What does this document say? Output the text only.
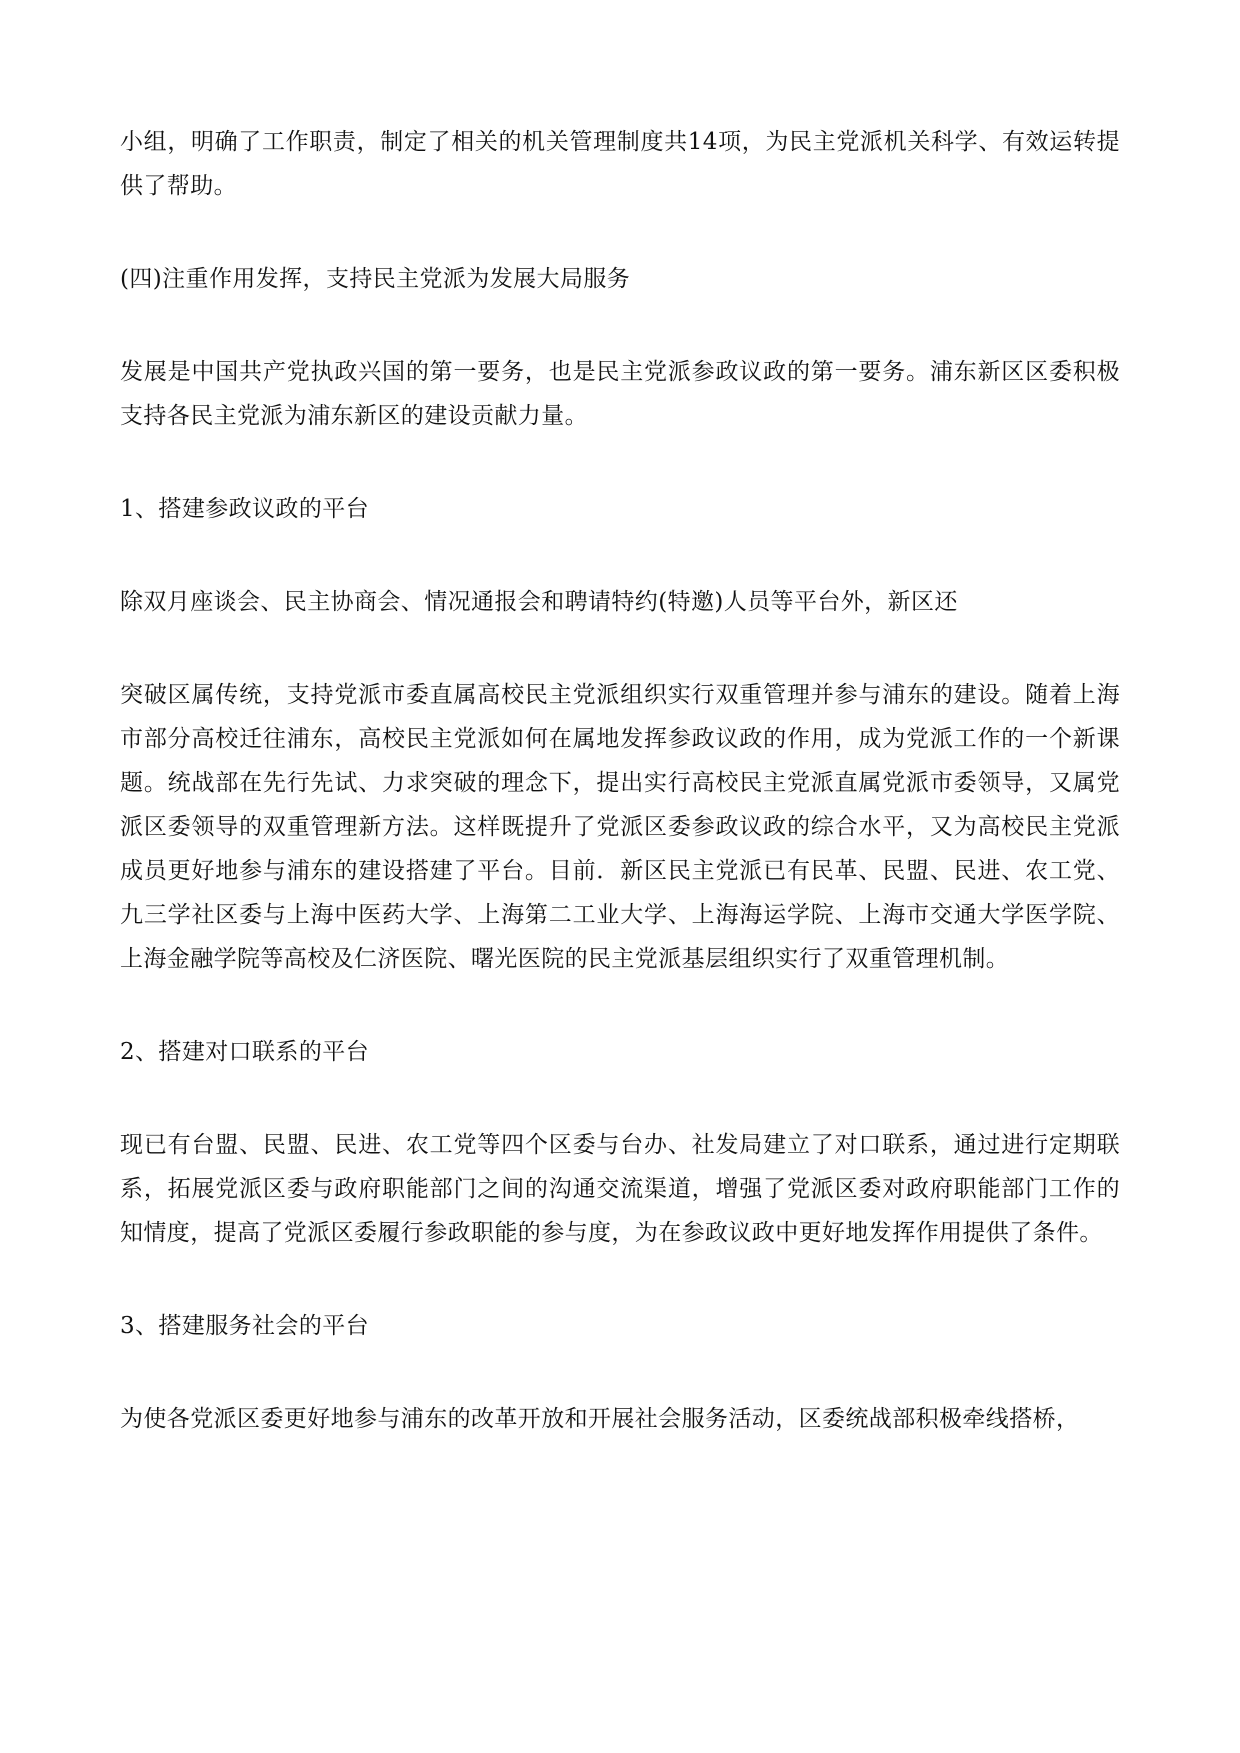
小组，明确了工作职责，制定了相关的机关管理制度共14项，为民主党派机关科学、有效运转提供了帮助。

(四)注重作用发挥，支持民主党派为发展大局服务

发展是中国共产党执政兴国的第一要务，也是民主党派参政议政的第一要务。浦东新区区委积极支持各民主党派为浦东新区的建设贡献力量。

1、搭建参政议政的平台

除双月座谈会、民主协商会、情况通报会和聘请特约(特邀)人员等平台外，新区还

突破区属传统，支持党派市委直属高校民主党派组织实行双重管理并参与浦东的建设。随着上海市部分高校迁往浦东，高校民主党派如何在属地发挥参政议政的作用，成为党派工作的一个新课题。统战部在先行先试、力求突破的理念下，提出实行高校民主党派直属党派市委领导，又属党派区委领导的双重管理新方法。这样既提升了党派区委参政议政的综合水平，又为高校民主党派成员更好地参与浦东的建设搭建了平台。目前．新区民主党派已有民革、民盟、民进、农工党、九三学社区委与上海中医药大学、上海第二工业大学、上海海运学院、上海市交通大学医学院、上海金融学院等高校及仁济医院、曙光医院的民主党派基层组织实行了双重管理机制。

2、搭建对口联系的平台

现已有台盟、民盟、民进、农工党等四个区委与台办、社发局建立了对口联系，通过进行定期联系，拓展党派区委与政府职能部门之间的沟通交流渠道，增强了党派区委对政府职能部门工作的知情度，提高了党派区委履行参政职能的参与度，为在参政议政中更好地发挥作用提供了条件。

3、搭建服务社会的平台

为使各党派区委更好地参与浦东的改革开放和开展社会服务活动，区委统战部积极牵线搭桥，
